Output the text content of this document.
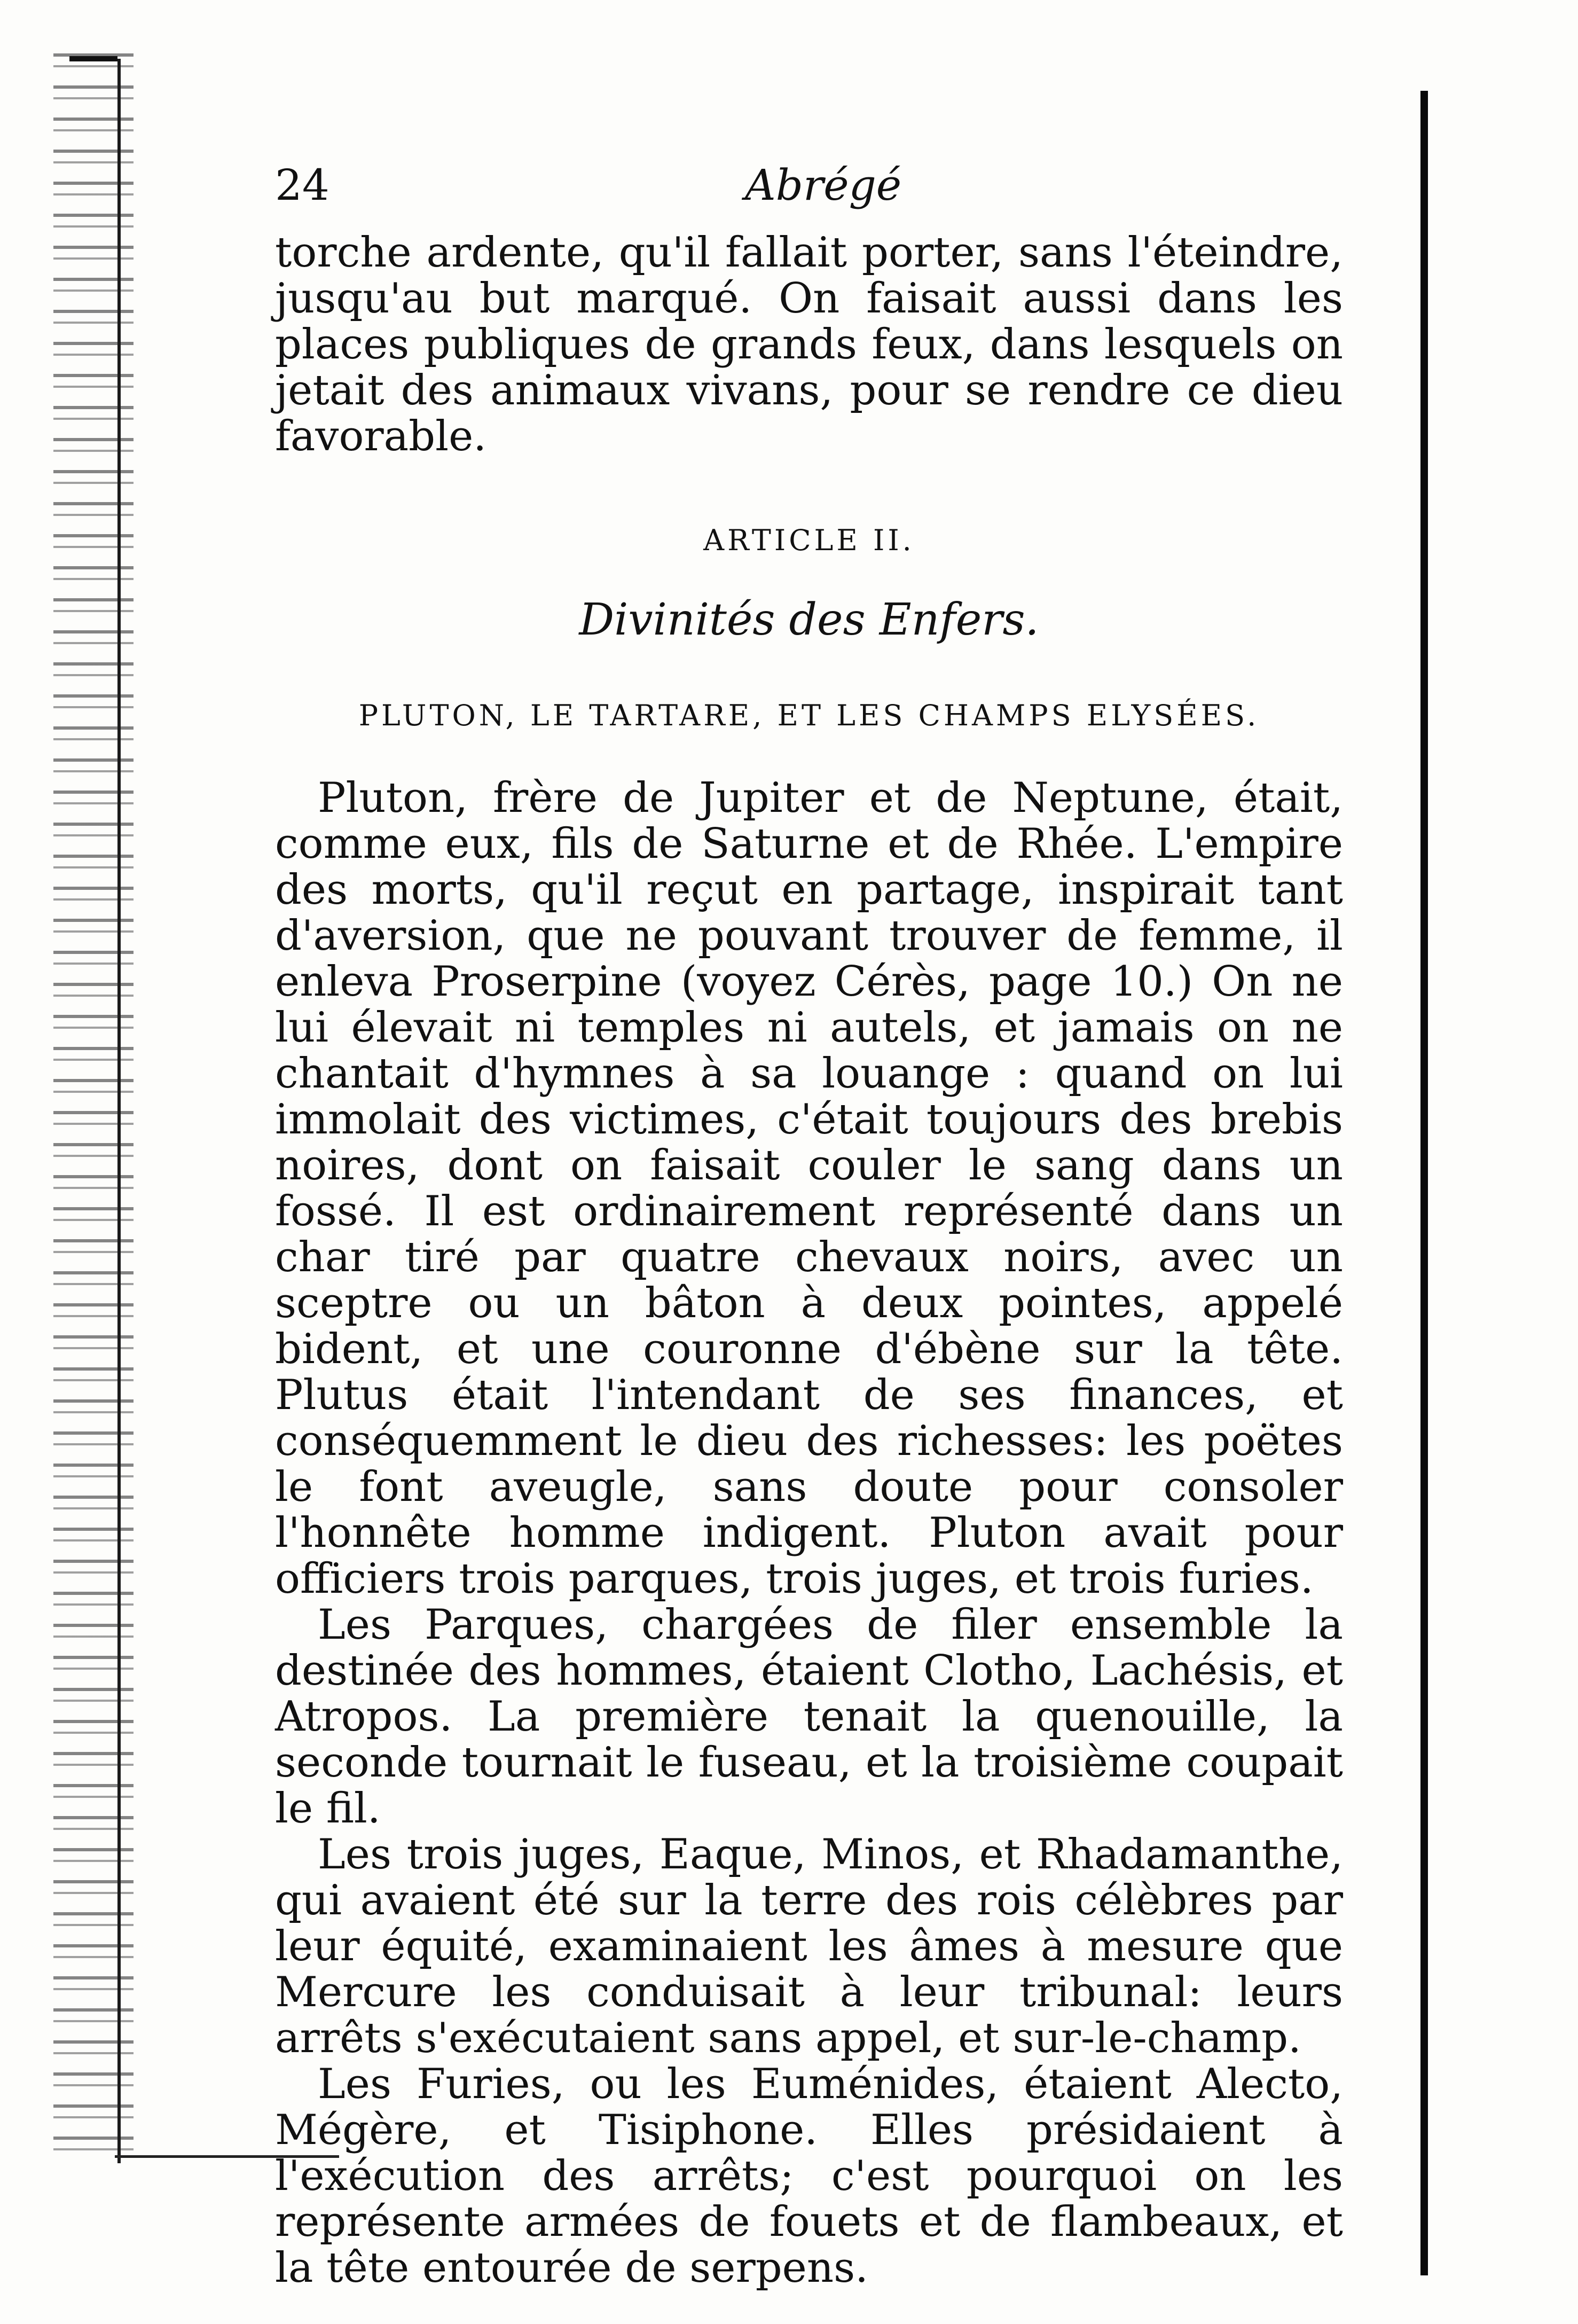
24	Abrégé

torche ardente, qu'il fallait porter, sans l'éteindre, jusqu'au but marqué. On faisait aussi dans les places publiques de grands feux, dans lesquels on jetait des animaux vivans, pour se rendre ce dieu favorable.

ARTICLE II.
Divinités des Enfers.
PLUTON, LE TARTARE, ET LES CHAMPS ELYSÉES.

Pluton, frère de Jupiter et de Neptune, était, comme eux, fils de Saturne et de Rhée. L'empire des morts, qu'il reçut en partage, inspirait tant d'aversion, que ne pouvant trouver de femme, il enleva Proserpine (voyez Cérès, page 10.) On ne lui élevait ni temples ni autels, et jamais on ne chantait d'hymnes à sa louange : quand on lui immolait des victimes, c'était toujours des brebis noires, dont on faisait couler le sang dans un fossé. Il est ordinairement représenté dans un char tiré par quatre chevaux noirs, avec un sceptre ou un bâton à deux pointes, appelé bident, et une couronne d'ébène sur la tête. Plutus était l'intendant de ses finances, et conséquemment le dieu des richesses: les poëtes le font aveugle, sans doute pour consoler l'honnête homme indigent. Pluton avait pour officiers trois parques, trois juges, et trois furies.

Les Parques, chargées de filer ensemble la destinée des hommes, étaient Clotho, Lachésis, et Atropos. La première tenait la quenouille, la seconde tournait le fuseau, et la troisième coupait le fil.

Les trois juges, Eaque, Minos, et Rhadamanthe, qui avaient été sur la terre des rois célèbres par leur équité, examinaient les âmes à mesure que Mercure les conduisait à leur tribunal: leurs arrêts s'exécutaient sans appel, et sur-le-champ.

Les Furies, ou les Euménides, étaient Alecto, Mégère, et Tisiphone. Elles présidaient à l'exécution des arrêts; c'est pourquoi on les représente armées de fouets et de flambeaux, et la tête entourée de serpens.
